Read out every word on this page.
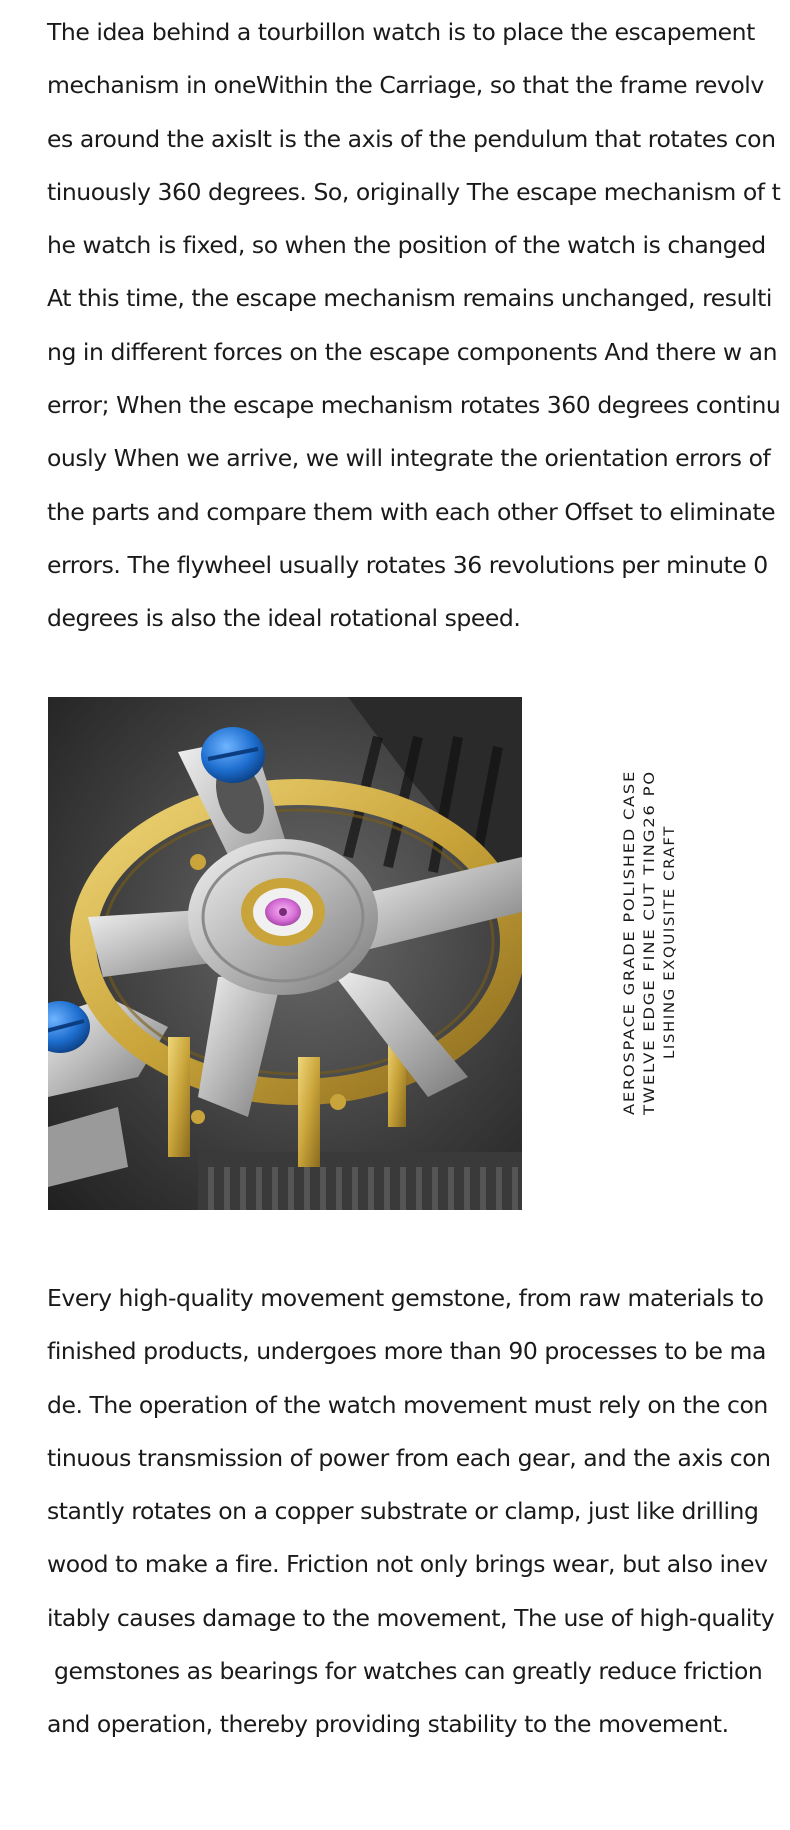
The idea behind a tourbillon watch is to place the escapement
mechanism in oneWithin the Carriage, so that the frame revolv
es around the axisIt is the axis of the pendulum that rotates con
tinuously 360 degrees. So, originally The escape mechanism of t
he watch is fixed, so when the position of the watch is changed
At this time, the escape mechanism remains unchanged, resulti
ng in different forces on the escape components And there w an
error; When the escape mechanism rotates 360 degrees continu
ously When we arrive, we will integrate the orientation errors of
the parts and compare them with each other Offset to eliminate
errors. The flywheel usually rotates 36 revolutions per minute 0
degrees is also the ideal rotational speed.
AEROSPACE GRADE POLISHED CASE TWELVE EDGE FINE CUT TING26 PO LISHING EXQUISITE CRAFT
Every high-quality movement gemstone, from raw materials to
finished products, undergoes more than 90 processes to be ma
de. The operation of the watch movement must rely on the con
tinuous transmission of power from each gear, and the axis con
stantly rotates on a copper substrate or clamp, just like drilling
wood to make a fire. Friction not only brings wear, but also inev
itably causes damage to the movement, The use of high-quality
gemstones as bearings for watches can greatly reduce friction
and operation, thereby providing stability to the movement.
